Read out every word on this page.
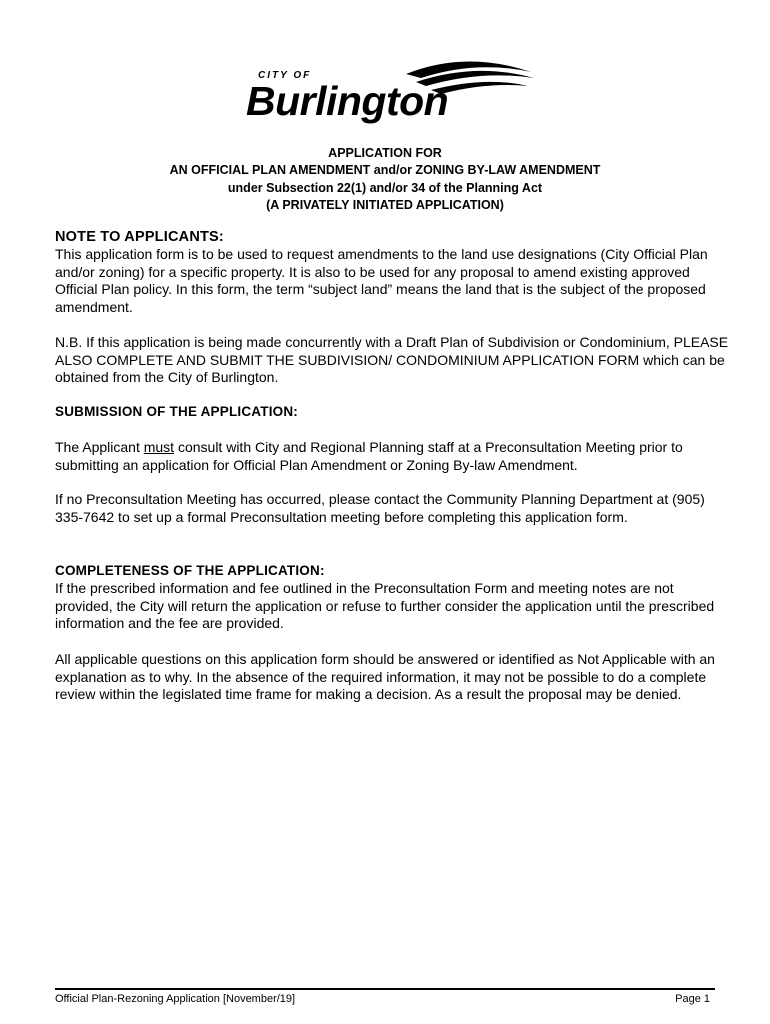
CITY OF
Burlington
APPLICATION FOR
AN OFFICIAL PLAN AMENDMENT and/or ZONING BY-LAW AMENDMENT
under Subsection 22(1) and/or 34 of the Planning Act
(A PRIVATELY INITIATED APPLICATION)
NOTE TO APPLICANTS:
This application form is to be used to request amendments to the land use designations (City Official Plan and/or zoning) for a specific property. It is also to be used for any proposal to amend existing approved Official Plan policy. In this form, the term “subject land” means the land that is the subject of the proposed amendment.
N.B. If this application is being made concurrently with a Draft Plan of Subdivision or Condominium, PLEASE ALSO COMPLETE AND SUBMIT THE SUBDIVISION/ CONDOMINIUM APPLICATION FORM which can be obtained from the City of Burlington.
SUBMISSION OF THE APPLICATION:
The Applicant must consult with City and Regional Planning staff at a Preconsultation Meeting prior to submitting an application for Official Plan Amendment or Zoning By-law Amendment.
If no Preconsultation Meeting has occurred, please contact the Community Planning Department at (905) 335-7642 to set up a formal Preconsultation meeting before completing this application form.
COMPLETENESS OF THE APPLICATION:
If the prescribed information and fee outlined in the Preconsultation Form and meeting notes are not provided, the City will return the application or refuse to further consider the application until the prescribed information and the fee are provided.
All applicable questions on this application form should be answered or identified as Not Applicable with an explanation as to why. In the absence of the required information, it may not be possible to do a complete review within the legislated time frame for making a decision. As a result the proposal may be denied.
Official Plan-Rezoning Application [November/19]	Page 1
